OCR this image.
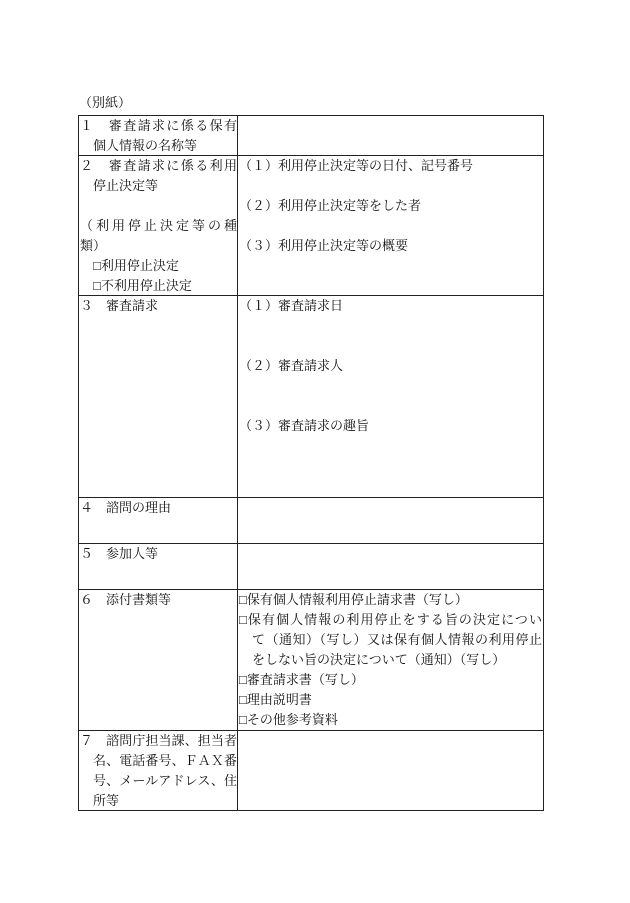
（別紙）
１　審査請求に係る保有
個人情報の名称等
２　審査請求に係る利用
停止決定等
（利用停止決定等の種
類）
□利用停止決定
□不利用停止決定
（１）利用停止決定等の日付、記号番号
（２）利用停止決定等をした者
（３）利用停止決定等の概要
３　審査請求	（１）審査請求日
（２）審査請求人
（３）審査請求の趣旨
４　諮問の理由
５　参加人等
６　添付書類等	□保有個人情報利用停止請求書（写し）
□保有個人情報の利用停止をする旨の決定につい
て（通知）（写し）又は保有個人情報の利用停止
をしない旨の決定について（通知）（写し）
□審査請求書（写し）
□理由説明書
□その他参考資料
７　諮問庁担当課、担当者
名、電話番号、ＦＡＸ番
号、メールアドレス、住
所等
